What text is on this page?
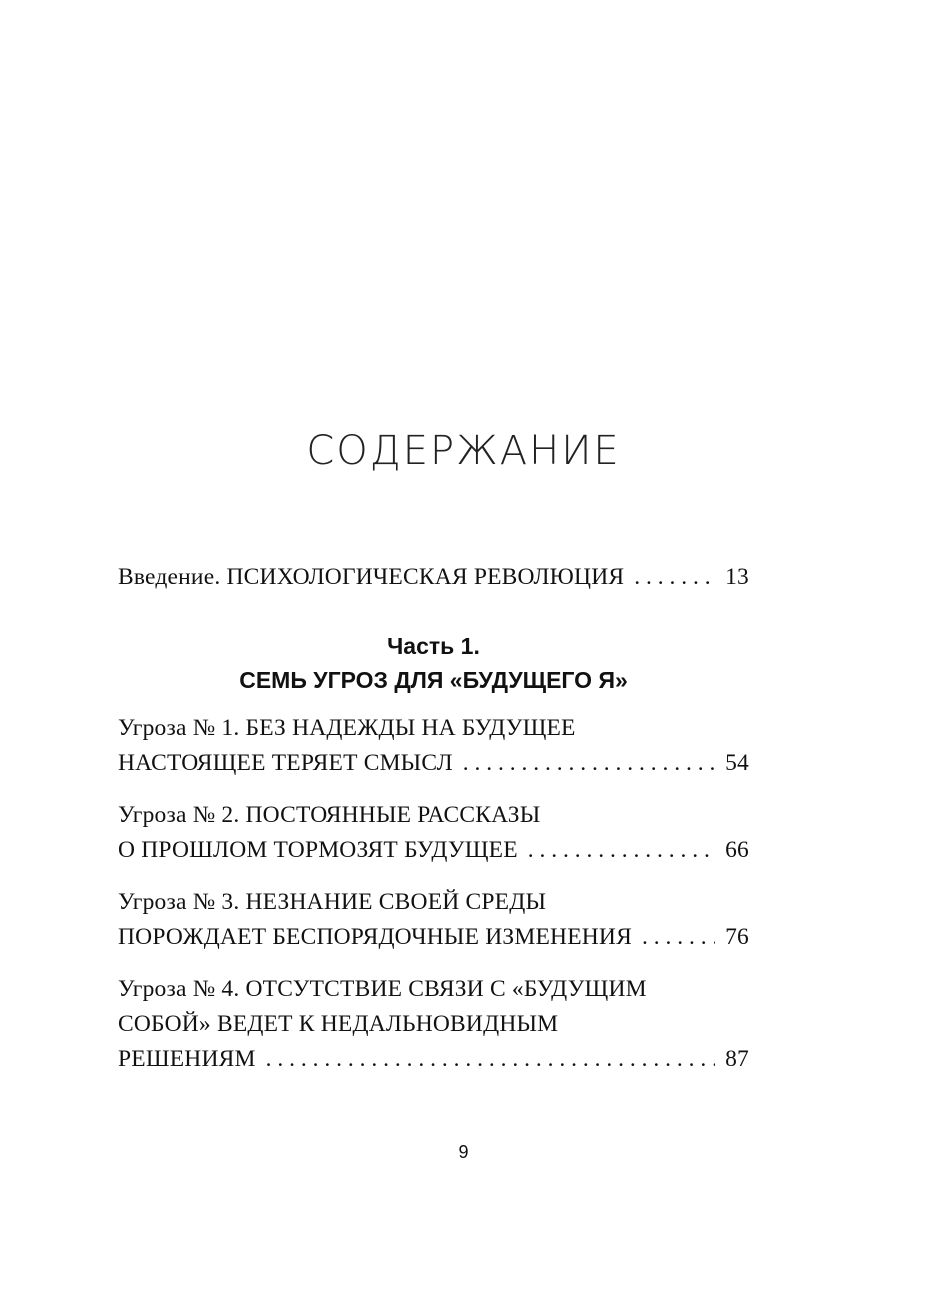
СОДЕРЖАНИЕ
Введение. ПСИХОЛОГИЧЕСКАЯ РЕВОЛЮЦИЯ . . .	13
Часть 1.
СЕМЬ УГРОЗ ДЛЯ «БУДУЩЕГО Я»
Угроза № 1. БЕЗ НАДЕЖДЫ НА БУДУЩЕЕ
НАСТОЯЩЕЕ ТЕРЯЕТ СМЫСЛ . . .	54
Угроза № 2. ПОСТОЯННЫЕ РАССКАЗЫ
О ПРОШЛОМ ТОРМОЗЯТ БУДУЩЕЕ . . .	66
Угроза № 3. НЕЗНАНИЕ СВОЕЙ СРЕДЫ
ПОРОЖДАЕТ БЕСПОРЯДОЧНЫЕ ИЗМЕНЕНИЯ . . .	76
Угроза № 4. ОТСУТСТВИЕ СВЯЗИ С «БУДУЩИМ
СОБОЙ» ВЕДЕТ К НЕДАЛЬНОВИДНЫМ
РЕШЕНИЯМ . . .	87
9
